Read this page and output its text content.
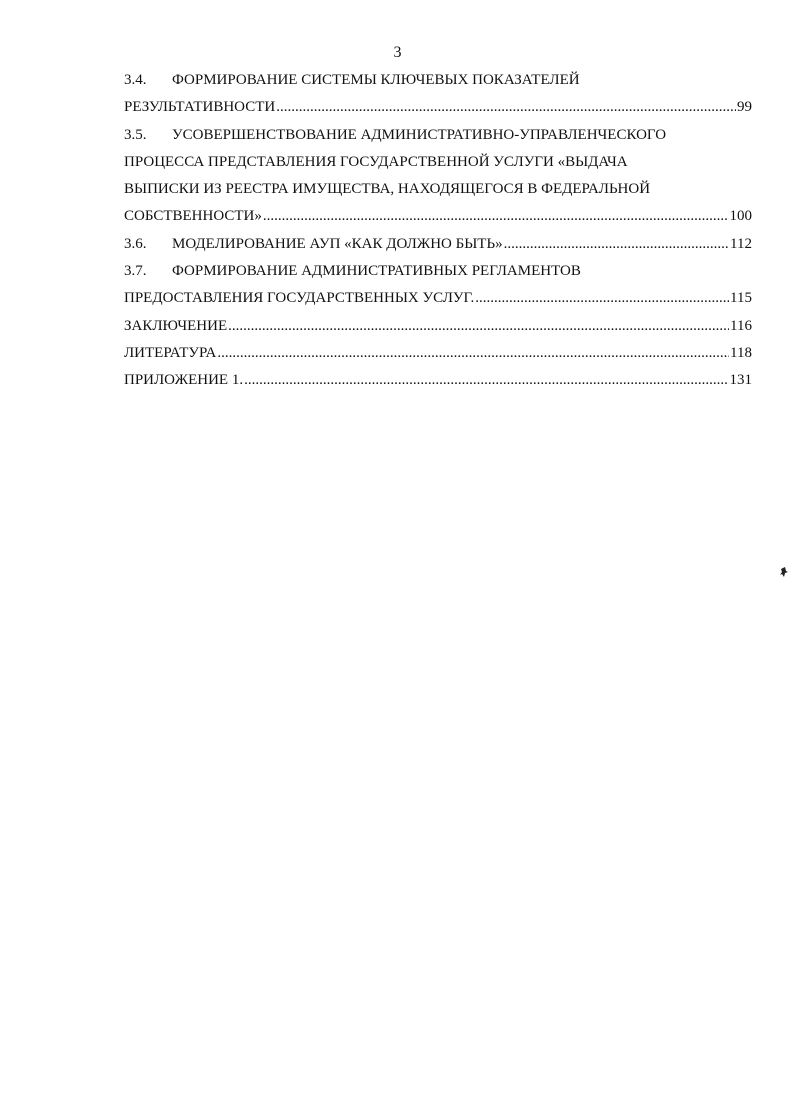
3
3.4.	ФОРМИРОВАНИЕ СИСТЕМЫ КЛЮЧЕВЫХ ПОКАЗАТЕЛЕЙ
РЕЗУЛЬТАТИВНОСТИ .....	99
3.5.	УСОВЕРШЕНСТВОВАНИЕ АДМИНИСТРАТИВНО-УПРАВЛЕНЧЕСКОГО
ПРОЦЕССА ПРЕДСТАВЛЕНИЯ ГОСУДАРСТВЕННОЙ УСЛУГИ «ВЫДАЧА
ВЫПИСКИ ИЗ РЕЕСТРА ИМУЩЕСТВА, НАХОДЯЩЕГОСЯ В ФЕДЕРАЛЬНОЙ
СОБСТВЕННОСТИ» .....	100
3.6.	МОДЕЛИРОВАНИЕ АУП «КАК ДОЛЖНО БЫТЬ» .....	112
3.7.	ФОРМИРОВАНИЕ АДМИНИСТРАТИВНЫХ РЕГЛАМЕНТОВ
ПРЕДОСТАВЛЕНИЯ ГОСУДАРСТВЕННЫХ УСЛУГ. .....	115
ЗАКЛЮЧЕНИЕ .....	116
ЛИТЕРАТУРА .....	118
ПРИЛОЖЕНИЕ 1. .....	131
